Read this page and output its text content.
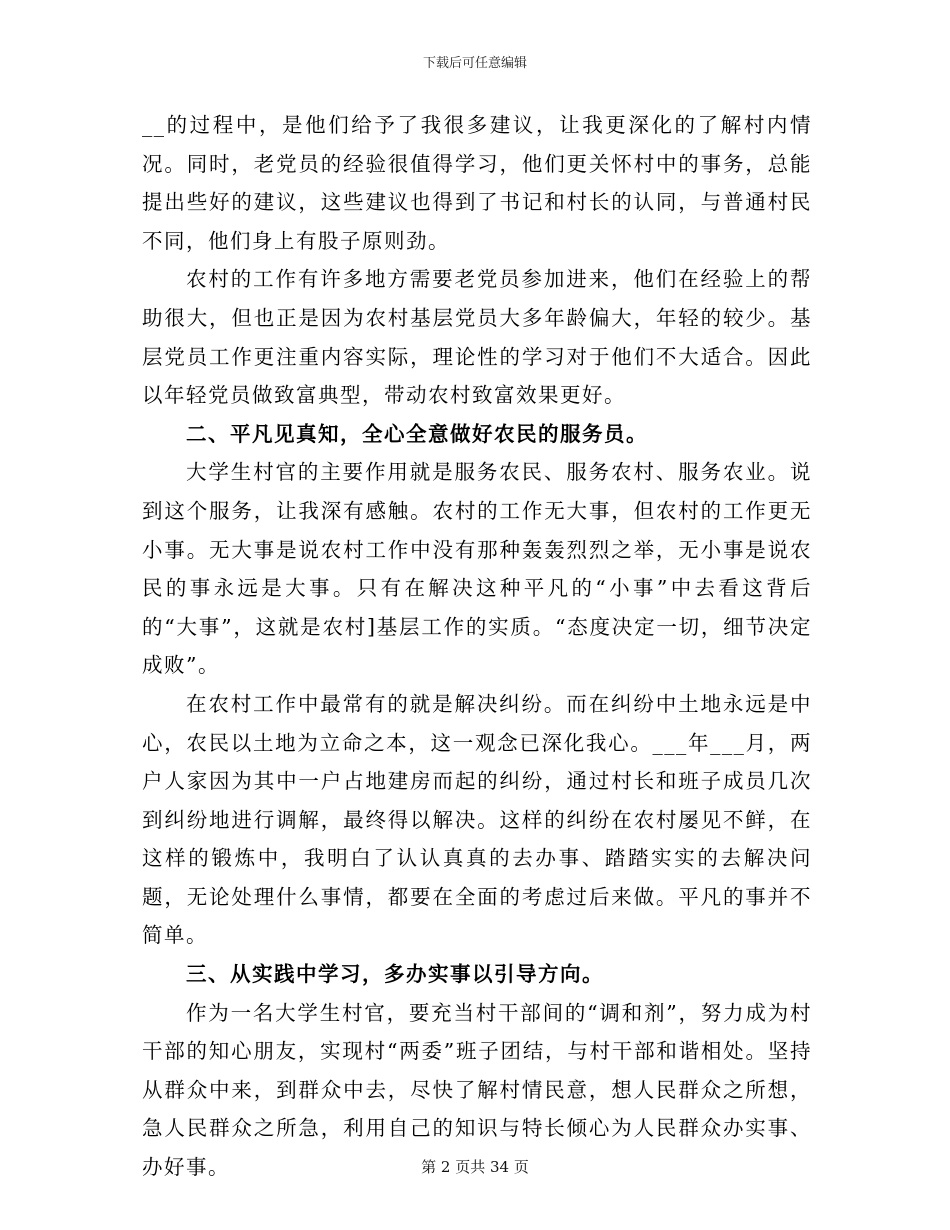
下载后可任意编辑

__的过程中，是他们给予了我很多建议，让我更深化的了解村内情况。同时，老党员的经验很值得学习，他们更关怀村中的事务，总能提出些好的建议，这些建议也得到了书记和村长的认同，与普通村民不同，他们身上有股子原则劲。

农村的工作有许多地方需要老党员参加进来，他们在经验上的帮助很大，但也正是因为农村基层党员大多年龄偏大，年轻的较少。基层党员工作更注重内容实际，理论性的学习对于他们不大适合。因此以年轻党员做致富典型，带动农村致富效果更好。

二、平凡见真知，全心全意做好农民的服务员。

大学生村官的主要作用就是服务农民、服务农村、服务农业。说到这个服务，让我深有感触。农村的工作无大事，但农村的工作更无小事。无大事是说农村工作中没有那种轰轰烈烈之举，无小事是说农民的事永远是大事。只有在解决这种平凡的“小事”中去看这背后的“大事”，这就是农村]基层工作的实质。“态度决定一切，细节决定成败”。

在农村工作中最常有的就是解决纠纷。而在纠纷中土地永远是中心，农民以土地为立命之本，这一观念已深化我心。___年___月，两户人家因为其中一户占地建房而起的纠纷，通过村长和班子成员几次到纠纷地进行调解，最终得以解决。这样的纠纷在农村屡见不鲜，在这样的锻炼中，我明白了认认真真的去办事、踏踏实实的去解决问题，无论处理什么事情，都要在全面的考虑过后来做。平凡的事并不简单。

三、从实践中学习，多办实事以引导方向。

作为一名大学生村官，要充当村干部间的“调和剂”，努力成为村干部的知心朋友，实现村“两委”班子团结，与村干部和谐相处。坚持从群众中来，到群众中去，尽快了解村情民意，想人民群众之所想，急人民群众之所急，利用自己的知识与特长倾心为人民群众办实事、办好事。	第 2 页共 34 页
